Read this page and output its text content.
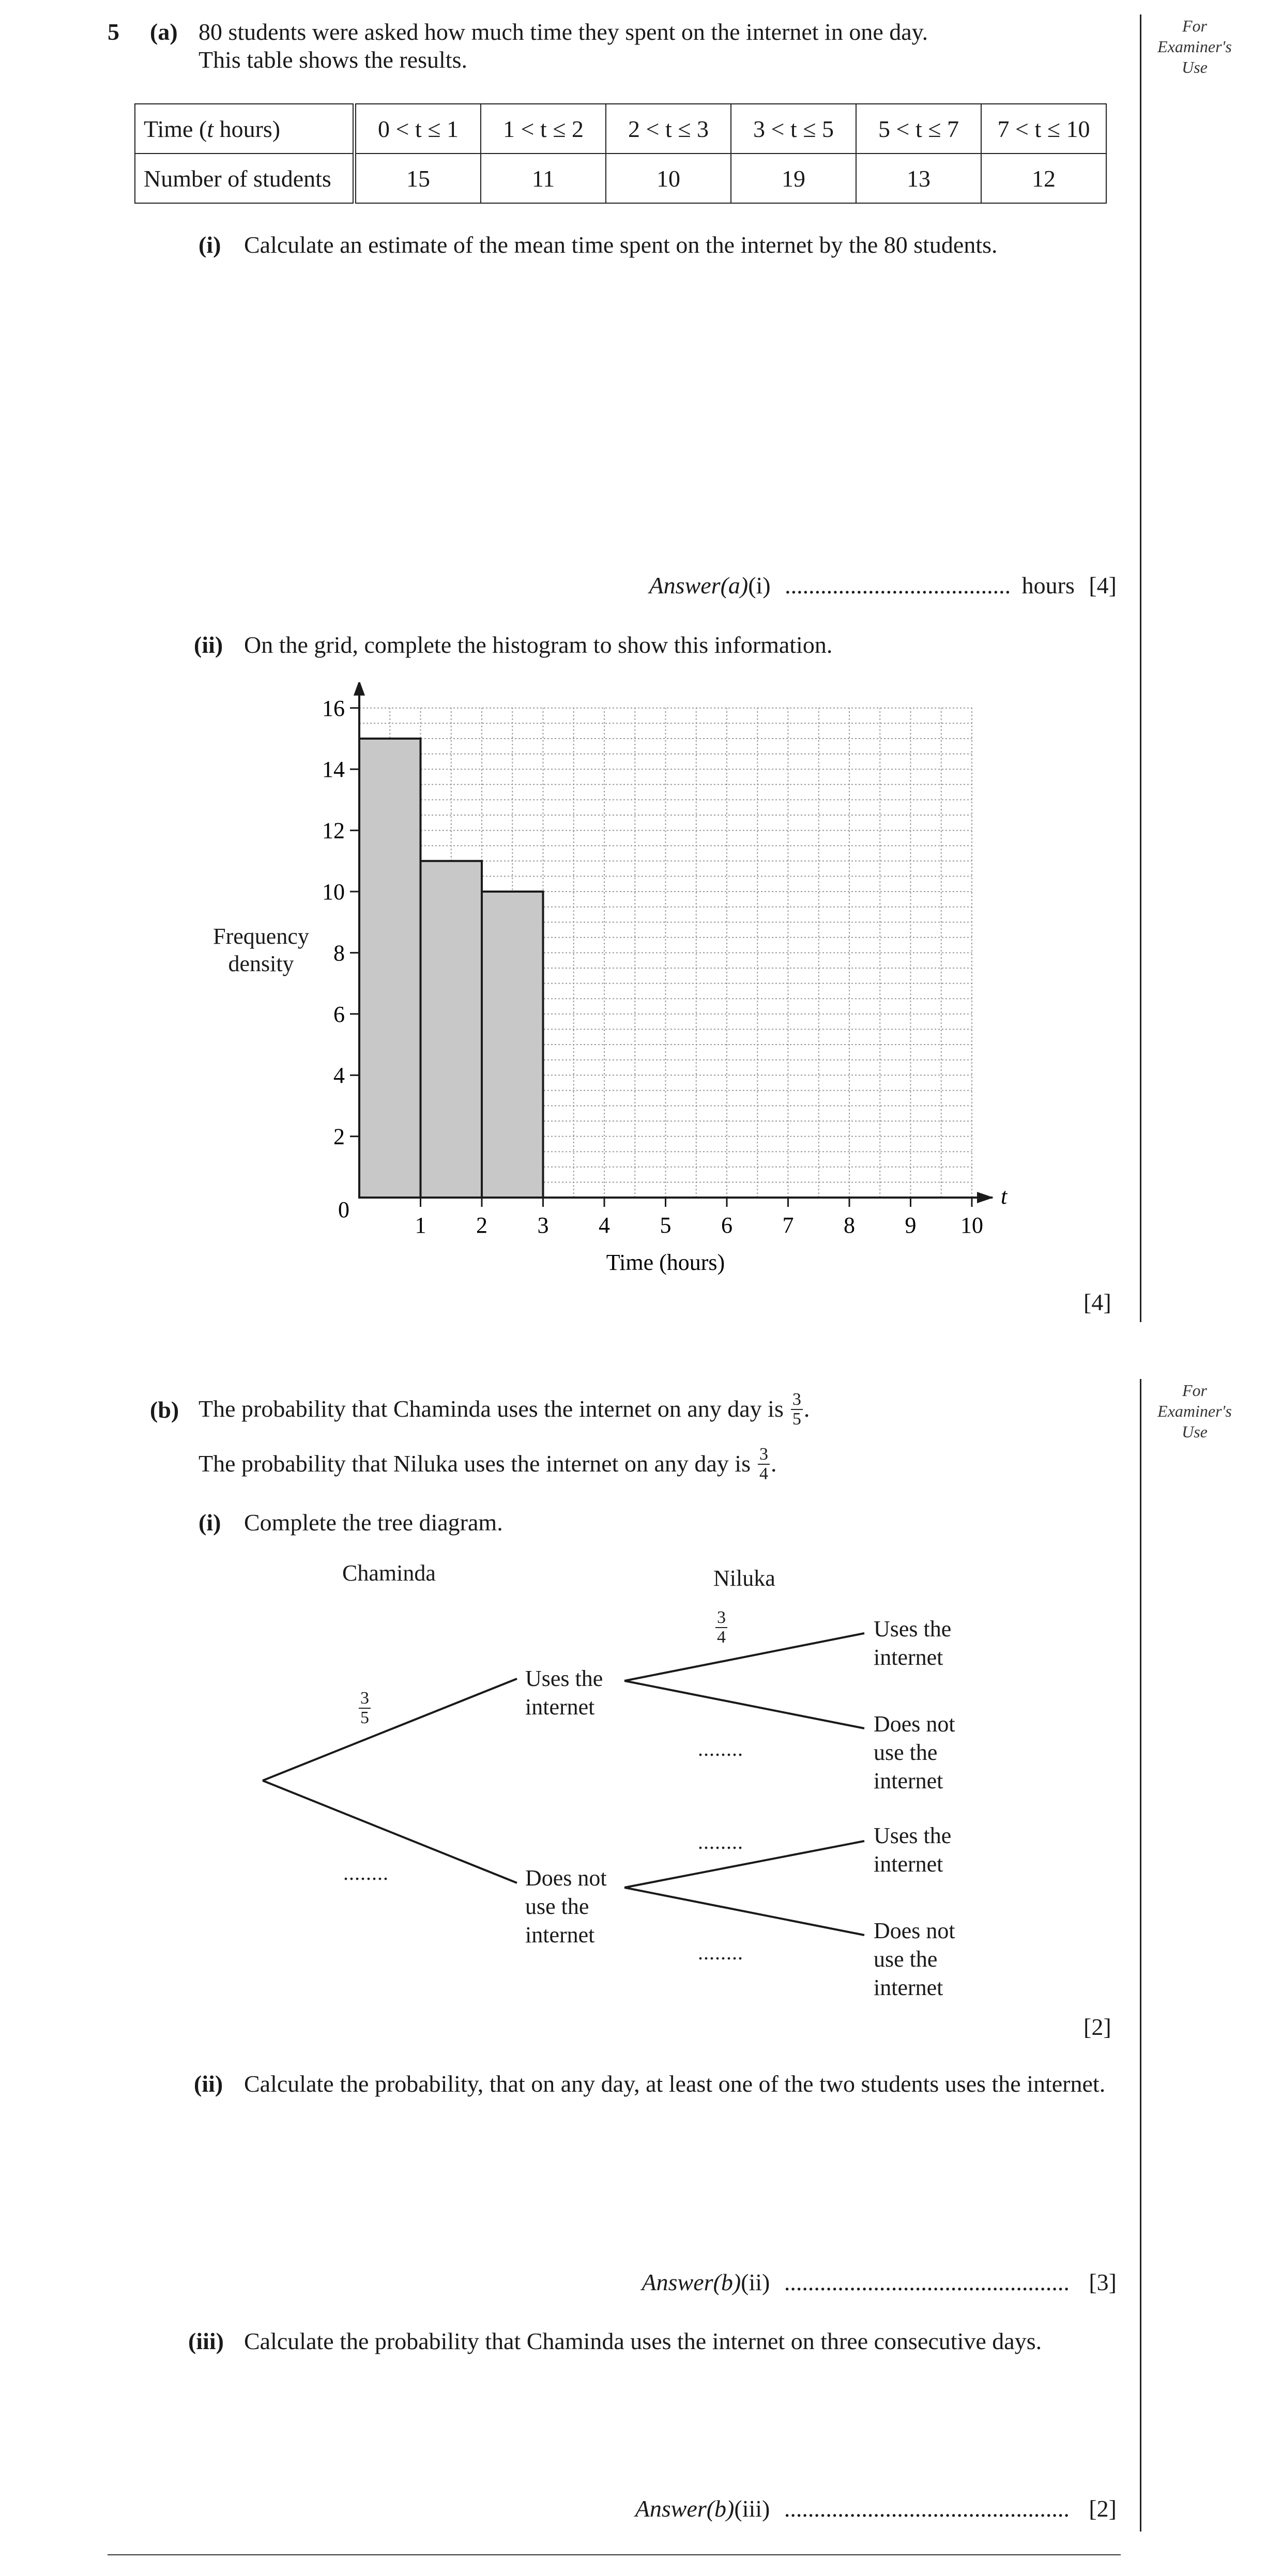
For
Examiner's
Use
For
Examiner's
Use
5 (a) 80 students were asked how much time they spent on the internet in one day.
This table shows the results.
Time (t hours)	0 < t ≤ 1	1 < t ≤ 2	2 < t ≤ 3	3 < t ≤ 5	5 < t ≤ 7	7 < t ≤ 10
Number of students	15	11	10	19	13	12
(i) Calculate an estimate of the mean time spent on the internet by the 80 students.
Answer(a)(i) ...................................... hours [4]
(ii) On the grid, complete the histogram to show this information.
Frequency
density
t
2
4
6
8
10
12
14
16
1 2 3 4 5 6 7 8 9 10
0
Time (hours)
[4]
(b) The probability that Chaminda uses the internet on any day is $\frac{3}{5}$ .
The probability that Niluka uses the internet on any day is $\frac{3}{4}$ .
(i) Complete the tree diagram.
Chaminda	Niluka
$\frac{3}{5}$
$\frac{3}{4}$
Uses the
internet
Does not
use the
internet
Uses the
internet
Does not
use the
internet
Uses the
internet
Does not
use the
internet
........
........
........
........
[2]
(ii) Calculate the probability, that on any day, at least one of the two students uses the internet.
Answer(b)(ii) ................................................ [3]
(iii) Calculate the probability that Chaminda uses the internet on three consecutive days.
Answer(b)(iii) ................................................ [2]
